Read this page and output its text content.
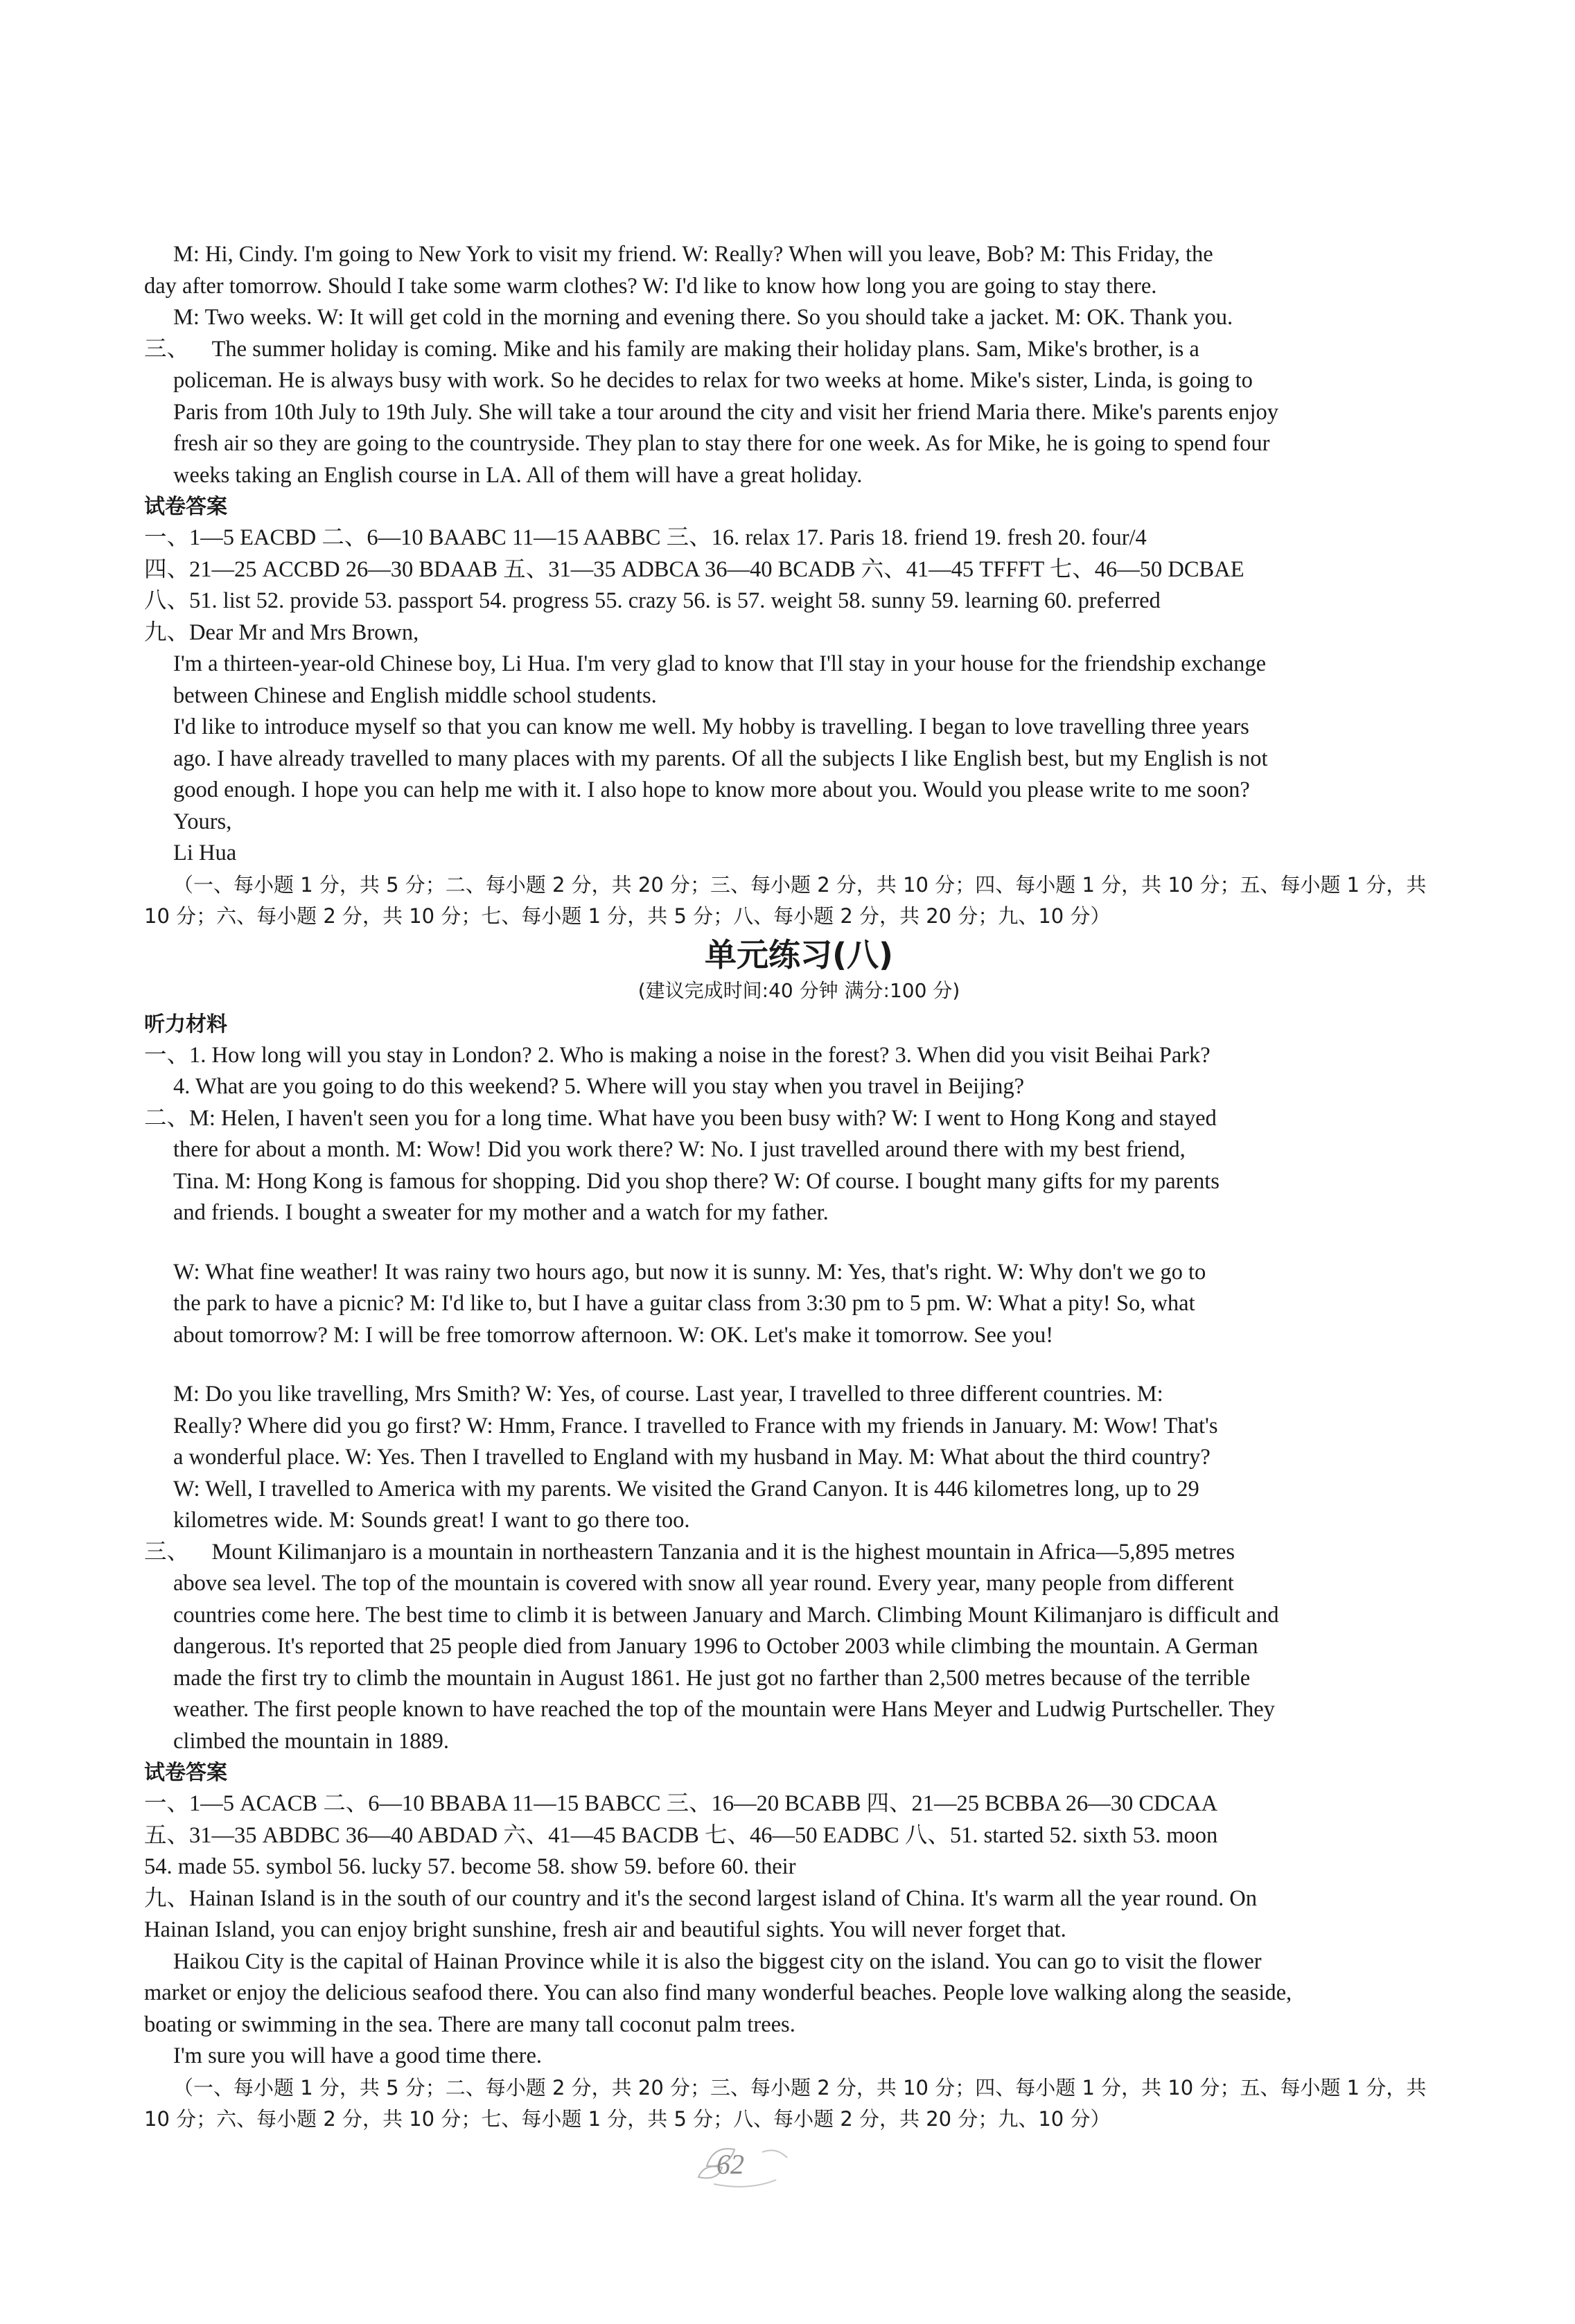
M: Hi, Cindy. I'm going to New York to visit my friend. W: Really? When will you leave, Bob? M: This Friday, the

day after tomorrow. Should I take some warm clothes? W: I'd like to know how long you are going to stay there.

M: Two weeks. W: It will get cold in the morning and evening there. So you should take a jacket. M: OK. Thank you.

三、 The summer holiday is coming. Mike and his family are making their holiday plans. Sam, Mike's brother, is a

policeman. He is always busy with work. So he decides to relax for two weeks at home. Mike's sister, Linda, is going to

Paris from 10th July to 19th July. She will take a tour around the city and visit her friend Maria there. Mike's parents enjoy

fresh air so they are going to the countryside. They plan to stay there for one week. As for Mike, he is going to spend four

weeks taking an English course in LA. All of them will have a great holiday.

试卷答案

一、1—5 EACBD 二、6—10 BAABC 11—15 AABBC 三、16. relax 17. Paris 18. friend 19. fresh 20. four/4

四、21—25 ACCBD 26—30 BDAAB 五、31—35 ADBCA 36—40 BCADB 六、41—45 TFFFT 七、46—50 DCBAE

八、51. list 52. provide 53. passport 54. progress 55. crazy 56. is 57. weight 58. sunny 59. learning 60. preferred

九、Dear Mr and Mrs Brown,

I'm a thirteen-year-old Chinese boy, Li Hua. I'm very glad to know that I'll stay in your house for the friendship exchange

between Chinese and English middle school students.

I'd like to introduce myself so that you can know me well. My hobby is travelling. I began to love travelling three years

ago. I have already travelled to many places with my parents. Of all the subjects I like English best, but my English is not

good enough. I hope you can help me with it. I also hope to know more about you. Would you please write to me soon?

Yours,

Li Hua

（一、每小题 1 分，共 5 分；二、每小题 2 分，共 20 分；三、每小题 2 分，共 10 分；四、每小题 1 分，共 10 分；五、每小题 1 分，共

10 分；六、每小题 2 分，共 10 分；七、每小题 1 分，共 5 分；八、每小题 2 分，共 20 分；九、10 分）

单元练习(八)
(建议完成时间:40 分钟 满分:100 分)
听力材料

一、1. How long will you stay in London? 2. Who is making a noise in the forest? 3. When did you visit Beihai Park?

4. What are you going to do this weekend? 5. Where will you stay when you travel in Beijing?

二、M: Helen, I haven't seen you for a long time. What have you been busy with? W: I went to Hong Kong and stayed

there for about a month. M: Wow! Did you work there? W: No. I just travelled around there with my best friend,

Tina. M: Hong Kong is famous for shopping. Did you shop there? W: Of course. I bought many gifts for my parents

and friends. I bought a sweater for my mother and a watch for my father.

W: What fine weather! It was rainy two hours ago, but now it is sunny. M: Yes, that's right. W: Why don't we go to

the park to have a picnic? M: I'd like to, but I have a guitar class from 3:30 pm to 5 pm. W: What a pity! So, what

about tomorrow? M: I will be free tomorrow afternoon. W: OK. Let's make it tomorrow. See you!

M: Do you like travelling, Mrs Smith? W: Yes, of course. Last year, I travelled to three different countries. M:

Really? Where did you go first? W: Hmm, France. I travelled to France with my friends in January. M: Wow! That's

a wonderful place. W: Yes. Then I travelled to England with my husband in May. M: What about the third country?

W: Well, I travelled to America with my parents. We visited the Grand Canyon. It is 446 kilometres long, up to 29

kilometres wide. M: Sounds great! I want to go there too.

三、 Mount Kilimanjaro is a mountain in northeastern Tanzania and it is the highest mountain in Africa—5,895 metres

above sea level. The top of the mountain is covered with snow all year round. Every year, many people from different

countries come here. The best time to climb it is between January and March. Climbing Mount Kilimanjaro is difficult and

dangerous. It's reported that 25 people died from January 1996 to October 2003 while climbing the mountain. A German

made the first try to climb the mountain in August 1861. He just got no farther than 2,500 metres because of the terrible

weather. The first people known to have reached the top of the mountain were Hans Meyer and Ludwig Purtscheller. They

climbed the mountain in 1889.

试卷答案

一、1—5 ACACB 二、6—10 BBABA 11—15 BABCC 三、16—20 BCABB 四、21—25 BCBBA 26—30 CDCAA

五、31—35 ABDBC 36—40 ABDAD 六、41—45 BACDB 七、46—50 EADBC 八、51. started 52. sixth 53. moon

54. made 55. symbol 56. lucky 57. become 58. show 59. before 60. their

九、Hainan Island is in the south of our country and it's the second largest island of China. It's warm all the year round. On

Hainan Island, you can enjoy bright sunshine, fresh air and beautiful sights. You will never forget that.

Haikou City is the capital of Hainan Province while it is also the biggest city on the island. You can go to visit the flower

market or enjoy the delicious seafood there. You can also find many wonderful beaches. People love walking along the seaside,

boating or swimming in the sea. There are many tall coconut palm trees.

I'm sure you will have a good time there.

（一、每小题 1 分，共 5 分；二、每小题 2 分，共 20 分；三、每小题 2 分，共 10 分；四、每小题 1 分，共 10 分；五、每小题 1 分，共

10 分；六、每小题 2 分，共 10 分；七、每小题 1 分，共 5 分；八、每小题 2 分，共 20 分；九、10 分）

62
